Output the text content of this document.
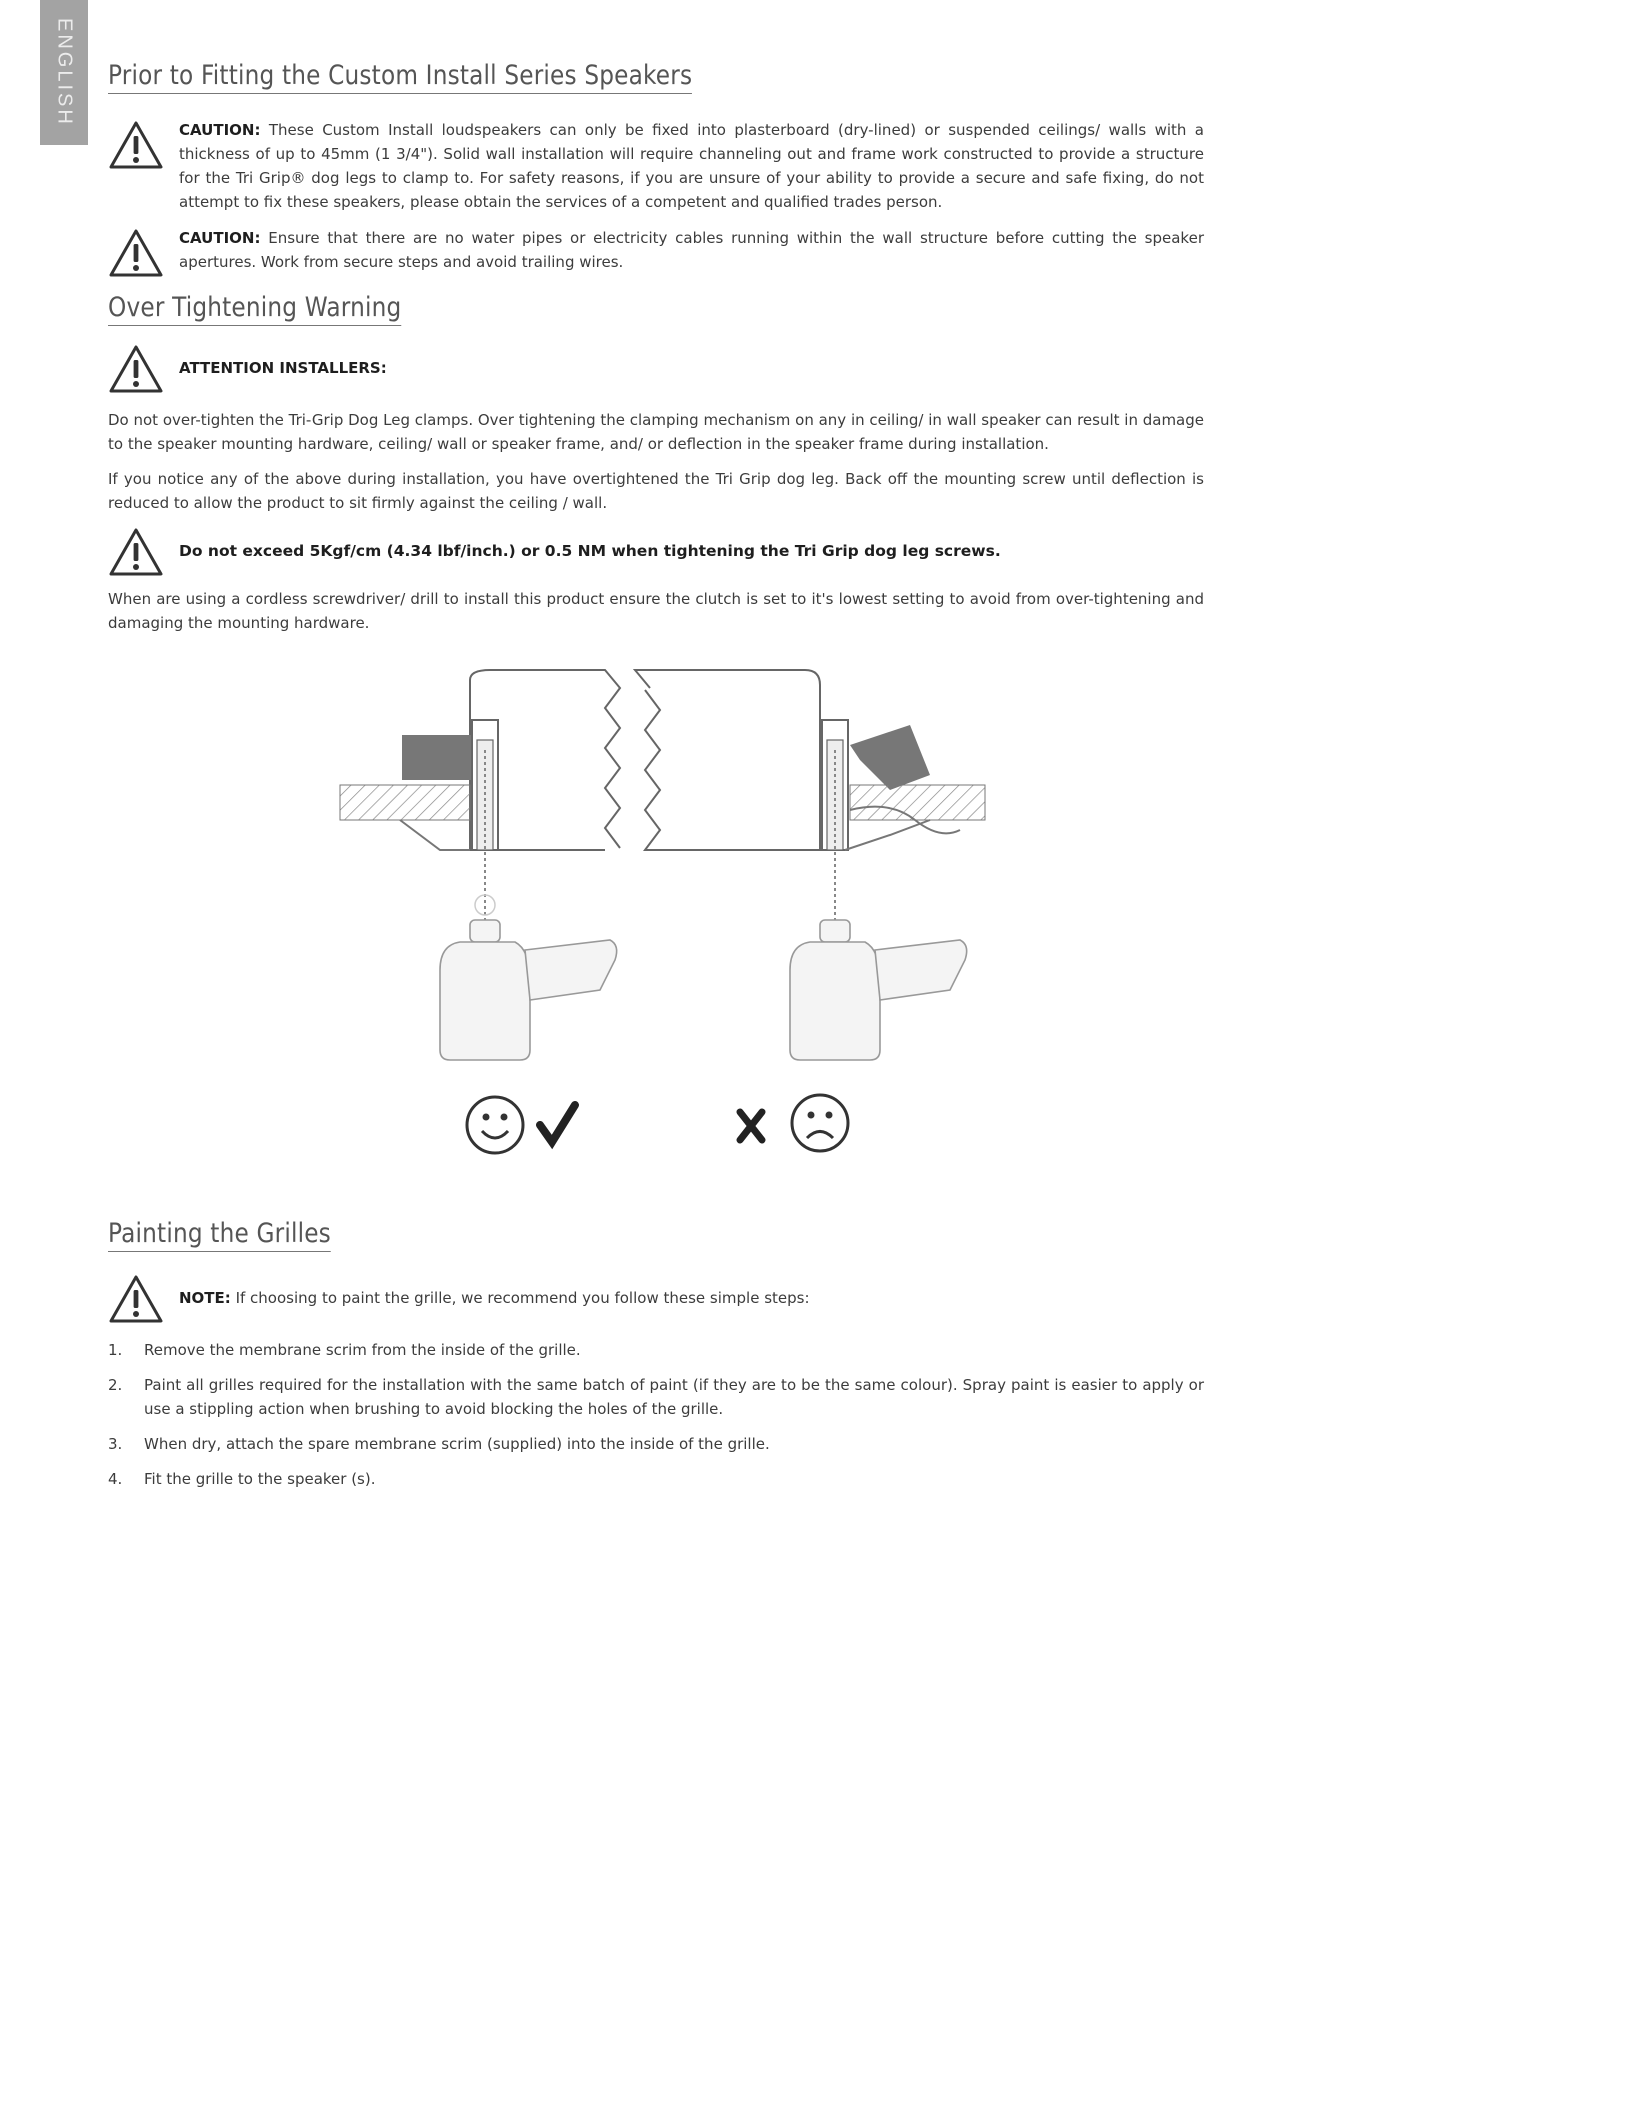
ENGLISH Prior to Fitting the Custom Install Series Speakers
CAUTION: These Custom Install loudspeakers can only be fixed into plasterboard (dry-lined) or suspended ceilings/ walls with a thickness of up to 45mm (1 3/4"). Solid wall installation will require channeling out and frame work constructed to provide a structure for the Tri Grip® dog legs to clamp to. For safety reasons, if you are unsure of your ability to provide a secure and safe fixing, do not attempt to fix these speakers, please obtain the services of a competent and qualified trades person.
CAUTION: Ensure that there are no water pipes or electricity cables running within the wall structure before cutting the speaker apertures. Work from secure steps and avoid trailing wires.
Over Tightening Warning
ATTENTION INSTALLERS:

Do not over-tighten the Tri-Grip Dog Leg clamps. Over tightening the clamping mechanism on any in ceiling/ in wall speaker can result in damage to the speaker mounting hardware, ceiling/ wall or speaker frame, and/ or deflection in the speaker frame during installation.

If you notice any of the above during installation, you have overtightened the Tri Grip dog leg. Back off the mounting screw until deflection is reduced to allow the product to sit firmly against the ceiling / wall.

Do not exceed 5Kgf/cm (4.34 lbf/inch.) or 0.5 NM when tightening the Tri Grip dog leg screws.

When are using a cordless screwdriver/ drill to install this product ensure the clutch is set to it's lowest setting to avoid from over-tightening and damaging the mounting hardware.

Painting the Grilles
NOTE: If choosing to paint the grille, we recommend you follow these simple steps:
1.	Remove the membrane scrim from the inside of the grille.
2.	Paint all grilles required for the installation with the same batch of paint (if they are to be the same colour). Spray paint is easier to apply or use a stippling action when brushing to avoid blocking the holes of the grille.
3.	When dry, attach the spare membrane scrim (supplied) into the inside of the grille.
4.	Fit the grille to the speaker (s).
